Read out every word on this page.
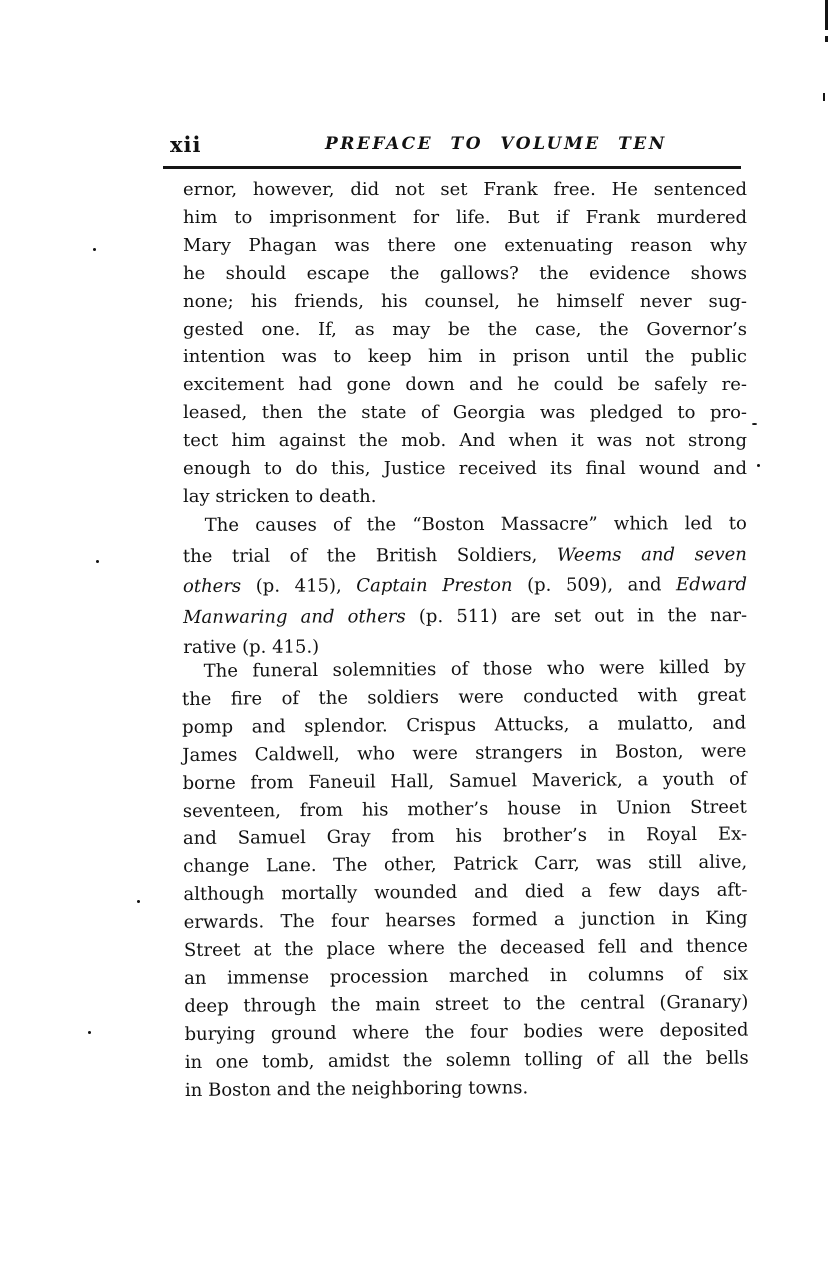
xii	PREFACE TO VOLUME TEN
ernor, however, did not set Frank free. He sentenced
him to imprisonment for life. But if Frank murdered
Mary Phagan was there one extenuating reason why
he should escape the gallows? the evidence shows
none; his friends, his counsel, he himself never sug-
gested one. If, as may be the case, the Governor’s
intention was to keep him in prison until the public
excitement had gone down and he could be safely re-
leased, then the state of Georgia was pledged to pro-
tect him against the mob. And when it was not strong
enough to do this, Justice received its final wound and
lay stricken to death.
The causes of the “Boston Massacre” which led to
the trial of the British Soldiers, Weems and seven
others (p. 415), Captain Preston (p. 509), and Edward
Manwaring and others (p. 511) are set out in the nar-
rative (p. 415.)
The funeral solemnities of those who were killed by
the fire of the soldiers were conducted with great
pomp and splendor. Crispus Attucks, a mulatto, and
James Caldwell, who were strangers in Boston, were
borne from Faneuil Hall, Samuel Maverick, a youth of
seventeen, from his mother’s house in Union Street
and Samuel Gray from his brother’s in Royal Ex-
change Lane. The other, Patrick Carr, was still alive,
although mortally wounded and died a few days aft-
erwards. The four hearses formed a junction in King
Street at the place where the deceased fell and thence
an immense procession marched in columns of six
deep through the main street to the central (Granary)
burying ground where the four bodies were deposited
in one tomb, amidst the solemn tolling of all the bells
in Boston and the neighboring towns.
